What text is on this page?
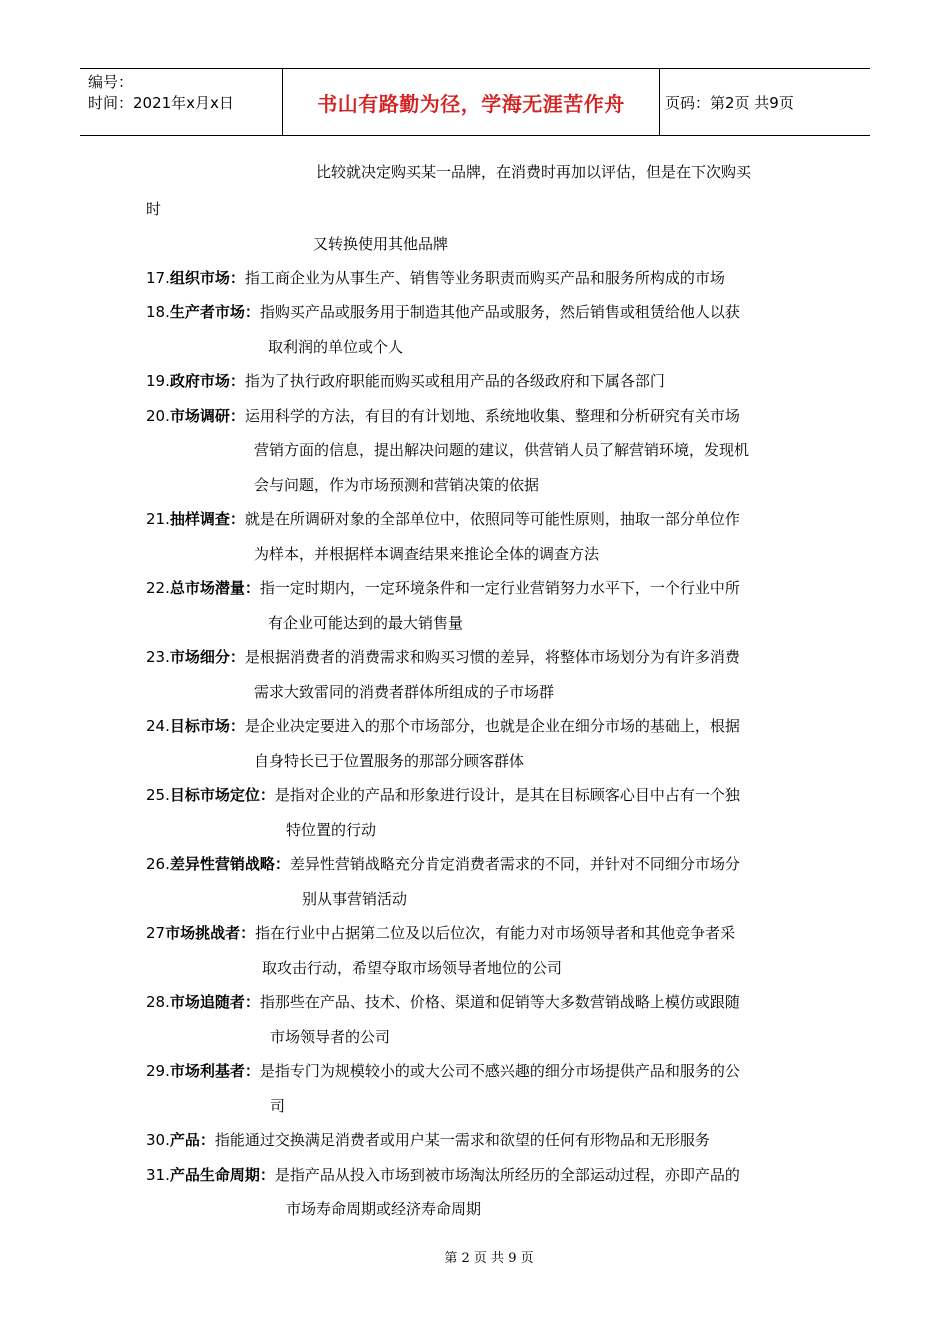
编号：
时间：2021年x月x日	书山有路勤为径，学海无涯苦作舟	页码：第2页 共9页
比较就决定购买某一品牌，在消费时再加以评估，但是在下次购买
时
又转换使用其他品牌
17.组织市场：指工商企业为从事生产、销售等业务职责而购买产品和服务所构成的市场
18.生产者市场：指购买产品或服务用于制造其他产品或服务，然后销售或租赁给他人以获
取利润的单位或个人
19.政府市场：指为了执行政府职能而购买或租用产品的各级政府和下属各部门
20.市场调研：运用科学的方法，有目的有计划地、系统地收集、整理和分析研究有关市场
营销方面的信息，提出解决问题的建议，供营销人员了解营销环境，发现机
会与问题，作为市场预测和营销决策的依据
21.抽样调查：就是在所调研对象的全部单位中，依照同等可能性原则，抽取一部分单位作
为样本，并根据样本调查结果来推论全体的调查方法
22.总市场潜量：指一定时期内，一定环境条件和一定行业营销努力水平下，一个行业中所
有企业可能达到的最大销售量
23.市场细分：是根据消费者的消费需求和购买习惯的差异，将整体市场划分为有许多消费
需求大致雷同的消费者群体所组成的子市场群
24.目标市场：是企业决定要进入的那个市场部分，也就是企业在细分市场的基础上，根据
自身特长已于位置服务的那部分顾客群体
25.目标市场定位：是指对企业的产品和形象进行设计，是其在目标顾客心目中占有一个独
特位置的行动
26.差异性营销战略：差异性营销战略充分肯定消费者需求的不同，并针对不同细分市场分
别从事营销活动
27市场挑战者：指在行业中占据第二位及以后位次，有能力对市场领导者和其他竞争者采
取攻击行动，希望夺取市场领导者地位的公司
28.市场追随者：指那些在产品、技术、价格、渠道和促销等大多数营销战略上模仿或跟随
市场领导者的公司
29.市场利基者：是指专门为规模较小的或大公司不感兴趣的细分市场提供产品和服务的公
司
30.产品：指能通过交换满足消费者或用户某一需求和欲望的任何有形物品和无形服务
31.产品生命周期：是指产品从投入市场到被市场淘汰所经历的全部运动过程，亦即产品的
市场寿命周期或经济寿命周期
第 2 页 共 9 页
